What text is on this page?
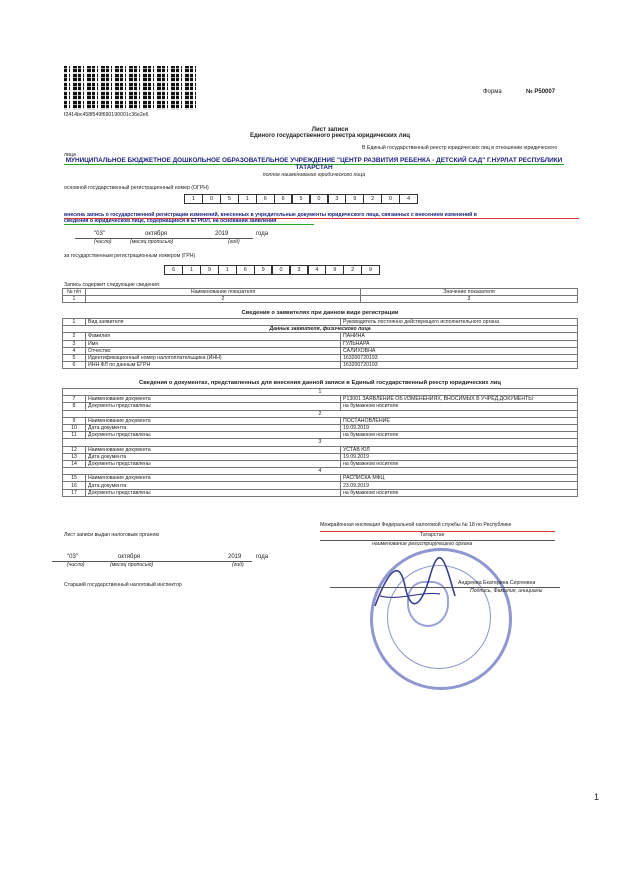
f2414bc458f549f690190001c36e2e6
Форма	№ Р50007
Лист записи
Единого государственного реестра юридических лиц
В Единый государственный реестр юридических лиц в отношении юридического
лица
МУНИЦИПАЛЬНОЕ БЮДЖЕТНОЕ ДОШКОЛЬНОЕ ОБРАЗОВАТЕЛЬНОЕ УЧРЕЖДЕНИЕ "ЦЕНТР РАЗВИТИЯ РЕБЕНКА - ДЕТСКИЙ САД" Г.НУРЛАТ РЕСПУБЛИКИ
ТАТАРСТАН
полное наименование юридического лица
основной государственный регистрационный номер (ОГРН)
1	0	5	1	6	6	5	0	3	9	2	0	4
внесена запись о государственной регистрации изменений, внесенных в учредительные документы юридического лица, связанных с внесением изменений в
сведения о юридическом лице, содержащиеся в ЕГРЮЛ, на основании заявления
"03"	октября	2019	года
(число)	(месяц прописью)	(год)
за государственным регистрационным номером (ГРН)
6	1	9	1	6	9	0	3	4	9	2	9
Запись содержит следующие сведения:
№ п/п	Наименование показателя	Значение показателя
1	2	3
Сведения о заявителях при данном виде регистрации
1	Вид заявителя	Руководитель постоянно действующего исполнительного органа
Данные заявителя, физического лица		
2	Фамилия	ПАНИНА
3	Имя	ГУЛЬНАРА
4	Отчество	САЛИХОВНА
5	Идентификационный номер налогоплательщика (ИНН)	163200720193
6	ИНН ФЛ по данным ЕГРН	163200720193
Сведения о документах, представленных для внесения данной записи в Единый государственный реестр юридических лиц
1		
7	Наименование документа	Р13001 ЗАЯВЛЕНИЕ ОБ ИЗМЕНЕНИЯХ, ВНОСИМЫХ В УЧРЕД.ДОКУМЕНТЫ
8	Документы представлены	на бумажном носителе
2		
9	Наименование документа	ПОСТАНОВЛЕНИЕ
10	Дата документа	19.09.2019
11	Документы представлены	на бумажном носителе
3		
12	Наименование документа	УСТАВ ЮЛ
13	Дата документа	19.09.2019
14	Документы представлены	на бумажном носителе
4		
15	Наименование документа	РАСПИСКА МФЦ
16	Дата документа	23.09.2019
17	Документы представлены	на бумажном носителе
Лист записи выдан налоговым органом
Межрайонная инспекция Федеральной налоговой службы № 18 по Республике
Татарстан
наименование регистрирующего органа
"03"	октября	2019 года
(число)	(месяц прописью)	(год)
Старший государственный налоговый инспектор	Андреева Екатерина Сергеевна
Подпись, Фамилия, инициалы
1
